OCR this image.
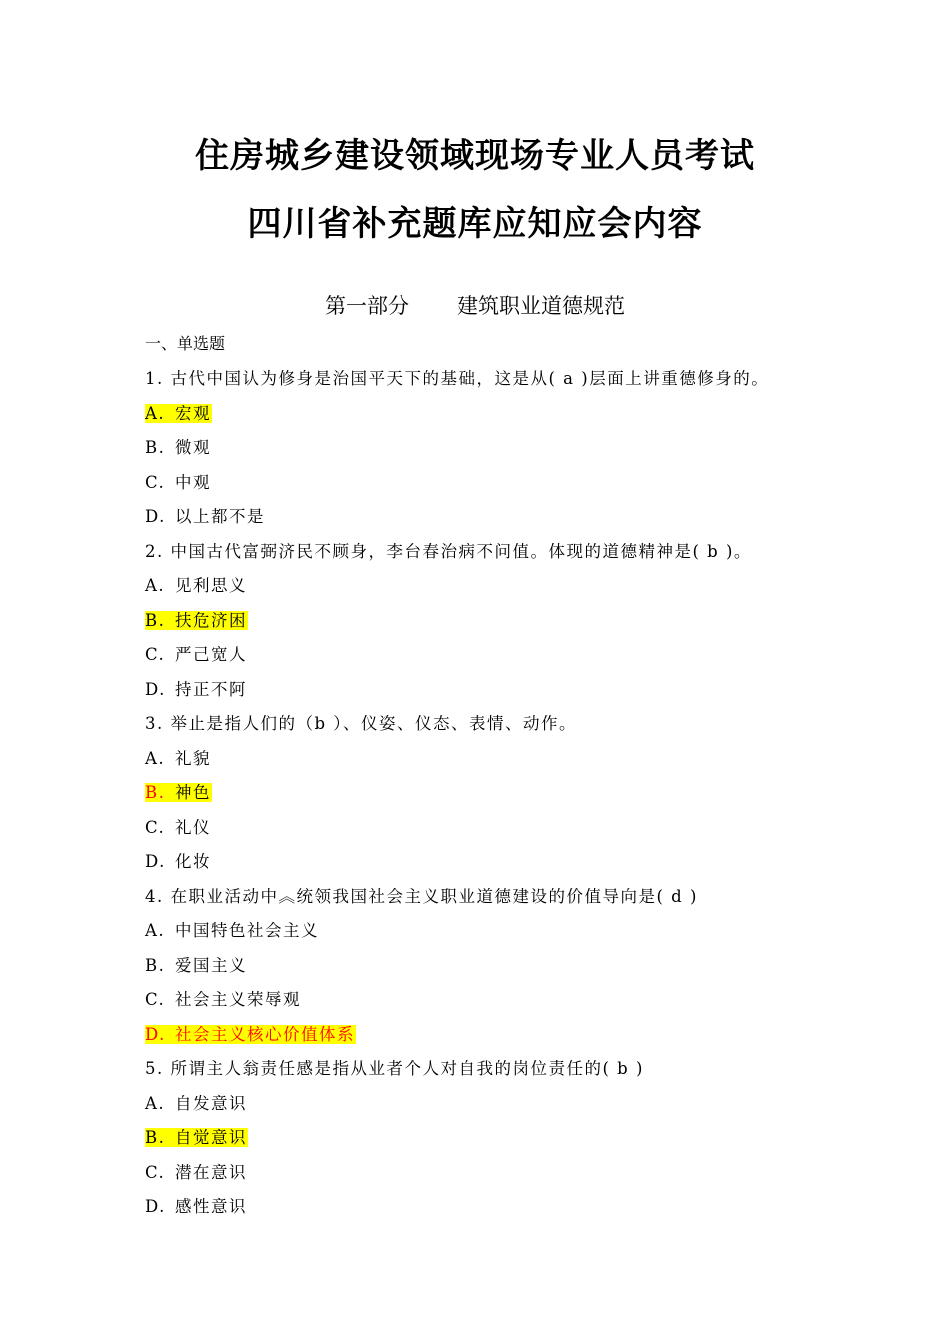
住房城乡建设领域现场专业人员考试
四川省补充题库应知应会内容
第一部分 建筑职业道德规范
一、单选题
1. 古代中国认为修身是治国平天下的基础，这是从( a )层面上讲重德修身的。
A. 宏观
B. 微观
C. 中观
D. 以上都不是
2. 中国古代富弼济民不顾身，李台春治病不问值。体现的道德精神是( b )。
A. 见利思义
B. 扶危济困
C. 严己宽人
D. 持正不阿
3. 举止是指人们的（b ）、仪姿、仪态、表情、动作。
A. 礼貌
B. 神色
C. 礼仪
D. 化妆
4. 在职业活动中︽统领我国社会主义职业道德建设的价值导向是( d )
A. 中国特色社会主义
B. 爱国主义
C. 社会主义荣辱观
D. 社会主义核心价值体系
5. 所谓主人翁责任感是指从业者个人对自我的岗位责任的( b )
A. 自发意识
B. 自觉意识
C. 潜在意识
D. 感性意识
